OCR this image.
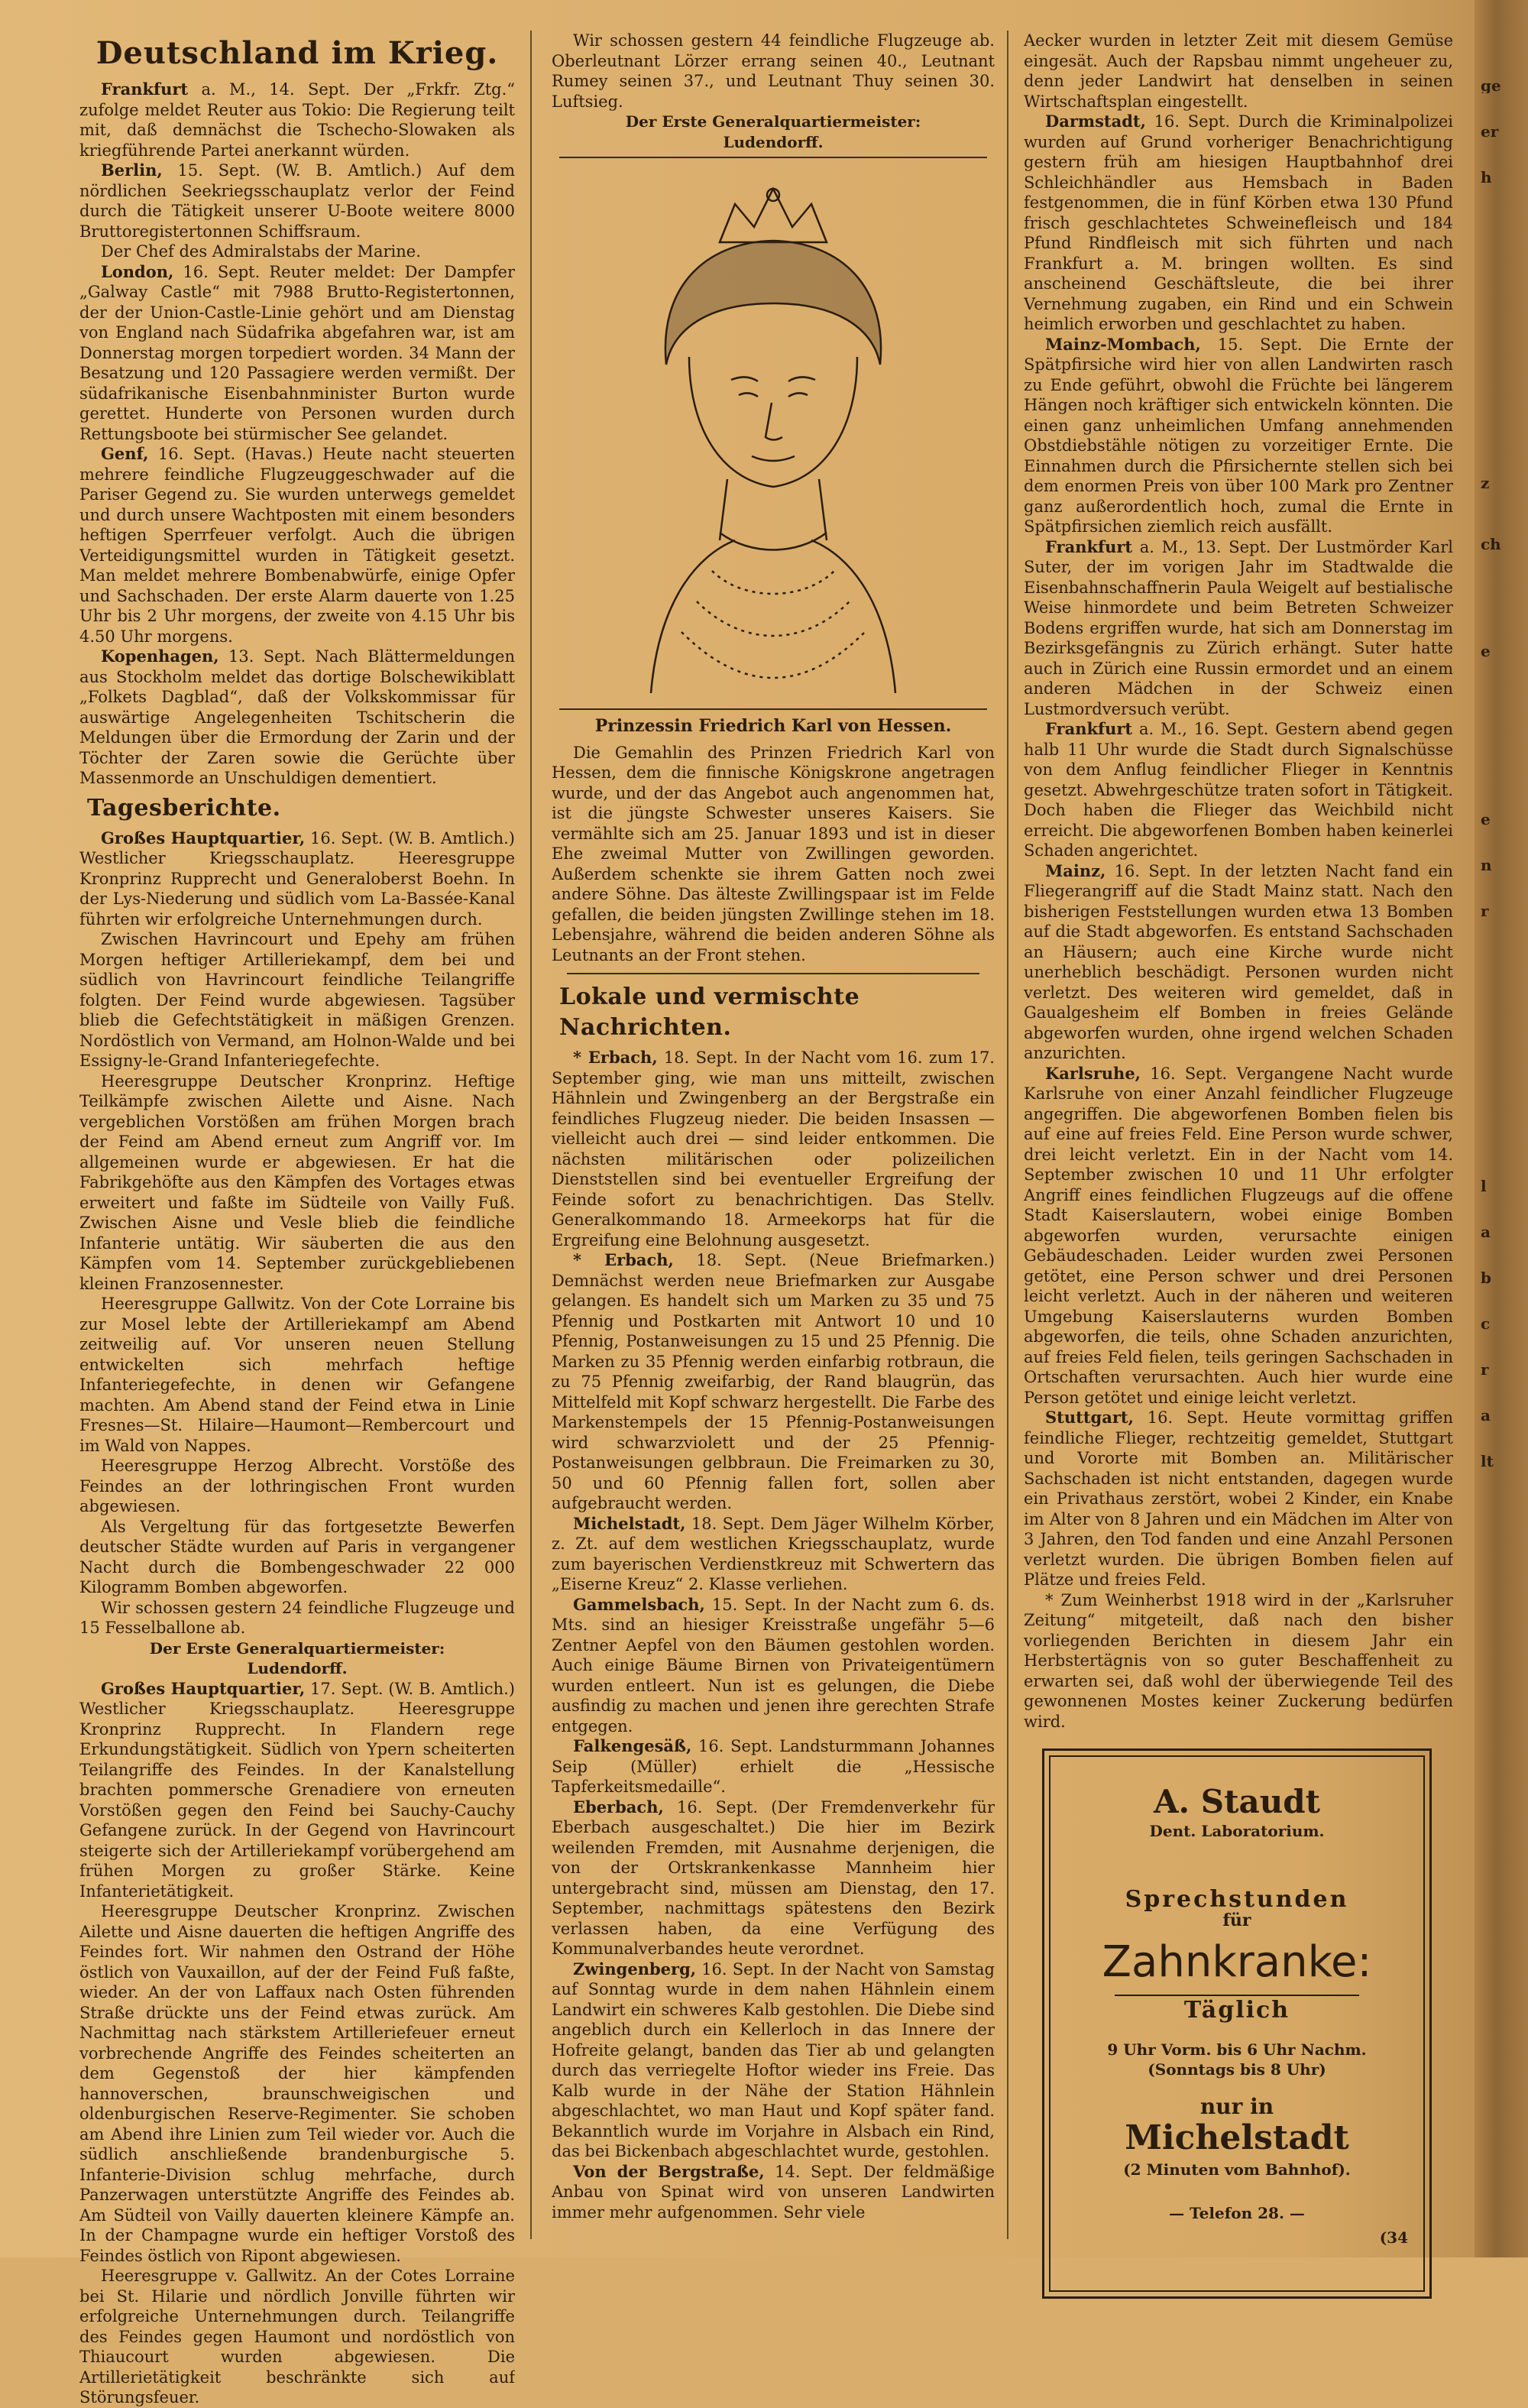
Deutschland im Krieg.

Frankfurt a. M., 14. Sept. Der „Frkfr. Ztg.“ zufolge meldet Reuter aus Tokio: Die Regierung teilt mit, daß demnächst die Tschecho-Slowaken als kriegführende Partei anerkannt würden.

Berlin, 15. Sept. (W. B. Amtlich.) Auf dem nördlichen Seekriegsschauplatz verlor der Feind durch die Tätigkeit unserer U-Boote weitere 8000 Bruttoregistertonnen Schiffsraum.

Der Chef des Admiralstabs der Marine.

London, 16. Sept. Reuter meldet: Der Dampfer „Galway Castle“ mit 7988 Brutto-Registertonnen, der der Union-Castle-Linie gehört und am Dienstag von England nach Südafrika abgefahren war, ist am Donnerstag morgen torpediert worden. 34 Mann der Besatzung und 120 Passagiere werden vermißt. Der südafrikanische Eisenbahnminister Burton wurde gerettet. Hunderte von Personen wurden durch Rettungsboote bei stürmischer See gelandet.

Genf, 16. Sept. (Havas.) Heute nacht steuerten mehrere feindliche Flugzeuggeschwader auf die Pariser Gegend zu. Sie wurden unterwegs gemeldet und durch unsere Wachtposten mit einem besonders heftigen Sperrfeuer verfolgt. Auch die übrigen Verteidigungsmittel wurden in Tätigkeit gesetzt. Man meldet mehrere Bombenabwürfe, einige Opfer und Sachschaden. Der erste Alarm dauerte von 1.25 Uhr bis 2 Uhr morgens, der zweite von 4.15 Uhr bis 4.50 Uhr morgens.

Kopenhagen, 13. Sept. Nach Blättermeldungen aus Stockholm meldet das dortige Bolschewikiblatt „Folkets Dagblad“, daß der Volkskommissar für auswärtige Angelegenheiten Tschitscherin die Meldungen über die Ermordung der Zarin und der Töchter der Zaren sowie die Gerüchte über Massenmorde an Unschuldigen dementiert.

Tagesberichte.

Großes Hauptquartier, 16. Sept. (W. B. Amtlich.) Westlicher Kriegsschauplatz. Heeresgruppe Kronprinz Rupprecht und Generaloberst Boehn. In der Lys-Niederung und südlich vom La-Bassée-Kanal führten wir erfolgreiche Unternehmungen durch.

Zwischen Havrincourt und Epehy am frühen Morgen heftiger Artilleriekampf, dem bei und südlich von Havrincourt feindliche Teilangriffe folgten. Der Feind wurde abgewiesen. Tagsüber blieb die Gefechtstätigkeit in mäßigen Grenzen. Nordöstlich von Vermand, am Holnon-Walde und bei Essigny-le-Grand Infanteriegefechte.

Heeresgruppe Deutscher Kronprinz. Heftige Teilkämpfe zwischen Ailette und Aisne. Nach vergeblichen Vorstößen am frühen Morgen brach der Feind am Abend erneut zum Angriff vor. Im allgemeinen wurde er abgewiesen. Er hat die Fabrikgehöfte aus den Kämpfen des Vortages etwas erweitert und faßte im Südteile von Vailly Fuß. Zwischen Aisne und Vesle blieb die feindliche Infanterie untätig. Wir säuberten die aus den Kämpfen vom 14. September zurückgebliebenen kleinen Franzosennester.

Heeresgruppe Gallwitz. Von der Cote Lorraine bis zur Mosel lebte der Artilleriekampf am Abend zeitweilig auf. Vor unseren neuen Stellung entwickelten sich mehrfach heftige Infanteriegefechte, in denen wir Gefangene machten. Am Abend stand der Feind etwa in Linie Fresnes—St. Hilaire—Haumont—Rembercourt und im Wald von Nappes.

Heeresgruppe Herzog Albrecht. Vorstöße des Feindes an der lothringischen Front wurden abgewiesen.

Als Vergeltung für das fortgesetzte Bewerfen deutscher Städte wurden auf Paris in vergangener Nacht durch die Bombengeschwader 22 000 Kilogramm Bomben abgeworfen.

Wir schossen gestern 24 feindliche Flugzeuge und 15 Fesselballone ab.

Der Erste Generalquartiermeister:

Ludendorff.

Großes Hauptquartier, 17. Sept. (W. B. Amtlich.) Westlicher Kriegsschauplatz. Heeresgruppe Kronprinz Rupprecht. In Flandern rege Erkundungstätigkeit. Südlich von Ypern scheiterten Teilangriffe des Feindes. In der Kanalstellung brachten pommersche Grenadiere von erneuten Vorstößen gegen den Feind bei Sauchy-Cauchy Gefangene zurück. In der Gegend von Havrincourt steigerte sich der Artilleriekampf vorübergehend am frühen Morgen zu großer Stärke. Keine Infanterietätigkeit.

Heeresgruppe Deutscher Kronprinz. Zwischen Ailette und Aisne dauerten die heftigen Angriffe des Feindes fort. Wir nahmen den Ostrand der Höhe östlich von Vauxaillon, auf der der Feind Fuß faßte, wieder. An der von Laffaux nach Osten führenden Straße drückte uns der Feind etwas zurück. Am Nachmittag nach stärkstem Artilleriefeuer erneut vorbrechende Angriffe des Feindes scheiterten an dem Gegenstoß der hier kämpfenden hannoverschen, braunschweigischen und oldenburgischen Reserve-Regimenter. Sie schoben am Abend ihre Linien zum Teil wieder vor. Auch die südlich anschließende brandenburgische 5. Infanterie-Division schlug mehrfache, durch Panzerwagen unterstützte Angriffe des Feindes ab. Am Südteil von Vailly dauerten kleinere Kämpfe an. In der Champagne wurde ein heftiger Vorstoß des Feindes östlich von Ripont abgewiesen.

Heeresgruppe v. Gallwitz. An der Cotes Lorraine bei St. Hilarie und nördlich Jonville führten wir erfolgreiche Unternehmungen durch. Teilangriffe des Feindes gegen Haumont und nordöstlich von Thiaucourt wurden abgewiesen. Die Artillerietätigkeit beschränkte sich auf Störungsfeuer.

Wir schossen gestern 44 feindliche Flugzeuge ab. Oberleutnant Lörzer errang seinen 40., Leutnant Rumey seinen 37., und Leutnant Thuy seinen 30. Luftsieg.

Der Erste Generalquartiermeister:

Ludendorff.

Prinzessin Friedrich Karl von Hessen.

Die Gemahlin des Prinzen Friedrich Karl von Hessen, dem die finnische Königskrone angetragen wurde, und der das Angebot auch angenommen hat, ist die jüngste Schwester unseres Kaisers. Sie vermählte sich am 25. Januar 1893 und ist in dieser Ehe zweimal Mutter von Zwillingen geworden. Außerdem schenkte sie ihrem Gatten noch zwei andere Söhne. Das älteste Zwillingspaar ist im Felde gefallen, die beiden jüngsten Zwillinge stehen im 18. Lebensjahre, während die beiden anderen Söhne als Leutnants an der Front stehen.

Lokale und vermischte Nachrichten.

* Erbach, 18. Sept. In der Nacht vom 16. zum 17. September ging, wie man uns mitteilt, zwischen Hähnlein und Zwingenberg an der Bergstraße ein feindliches Flugzeug nieder. Die beiden Insassen — vielleicht auch drei — sind leider entkommen. Die nächsten militärischen oder polizeilichen Dienststellen sind bei eventueller Ergreifung der Feinde sofort zu benachrichtigen. Das Stellv. Generalkommando 18. Armeekorps hat für die Ergreifung eine Belohnung ausgesetzt.

* Erbach, 18. Sept. (Neue Briefmarken.) Demnächst werden neue Briefmarken zur Ausgabe gelangen. Es handelt sich um Marken zu 35 und 75 Pfennig und Postkarten mit Antwort 10 und 10 Pfennig, Postanweisungen zu 15 und 25 Pfennig. Die Marken zu 35 Pfennig werden einfarbig rotbraun, die zu 75 Pfennig zweifarbig, der Rand blaugrün, das Mittelfeld mit Kopf schwarz hergestellt. Die Farbe des Markenstempels der 15 Pfennig-Postanweisungen wird schwarzviolett und der 25 Pfennig-Postanweisungen gelbbraun. Die Freimarken zu 30, 50 und 60 Pfennig fallen fort, sollen aber aufgebraucht werden.

Michelstadt, 18. Sept. Dem Jäger Wilhelm Körber, z. Zt. auf dem westlichen Kriegsschauplatz, wurde zum bayerischen Verdienstkreuz mit Schwertern das „Eiserne Kreuz“ 2. Klasse verliehen.

Gammelsbach, 15. Sept. In der Nacht zum 6. ds. Mts. sind an hiesiger Kreisstraße ungefähr 5—6 Zentner Aepfel von den Bäumen gestohlen worden. Auch einige Bäume Birnen von Privateigentümern wurden entleert. Nun ist es gelungen, die Diebe ausfindig zu machen und jenen ihre gerechten Strafe entgegen.

Falkengesäß, 16. Sept. Landsturmmann Johannes Seip (Müller) erhielt die „Hessische Tapferkeitsmedaille“.

Eberbach, 16. Sept. (Der Fremdenverkehr für Eberbach ausgeschaltet.) Die hier im Bezirk weilenden Fremden, mit Ausnahme derjenigen, die von der Ortskrankenkasse Mannheim hier untergebracht sind, müssen am Dienstag, den 17. September, nachmittags spätestens den Bezirk verlassen haben, da eine Verfügung des Kommunalverbandes heute verordnet.

Zwingenberg, 16. Sept. In der Nacht von Samstag auf Sonntag wurde in dem nahen Hähnlein einem Landwirt ein schweres Kalb gestohlen. Die Diebe sind angeblich durch ein Kellerloch in das Innere der Hofreite gelangt, banden das Tier ab und gelangten durch das verriegelte Hoftor wieder ins Freie. Das Kalb wurde in der Nähe der Station Hähnlein abgeschlachtet, wo man Haut und Kopf später fand. Bekanntlich wurde im Vorjahre in Alsbach ein Rind, das bei Bickenbach abgeschlachtet wurde, gestohlen.

Von der Bergstraße, 14. Sept. Der feldmäßige Anbau von Spinat wird von unseren Landwirten immer mehr aufgenommen. Sehr viele

Aecker wurden in letzter Zeit mit diesem Gemüse eingesät. Auch der Rapsbau nimmt ungeheuer zu, denn jeder Landwirt hat denselben in seinen Wirtschaftsplan eingestellt.

Darmstadt, 16. Sept. Durch die Kriminalpolizei wurden auf Grund vorheriger Benachrichtigung gestern früh am hiesigen Hauptbahnhof drei Schleichhändler aus Hemsbach in Baden festgenommen, die in fünf Körben etwa 130 Pfund frisch geschlachtetes Schweinefleisch und 184 Pfund Rindfleisch mit sich führten und nach Frankfurt a. M. bringen wollten. Es sind anscheinend Geschäftsleute, die bei ihrer Vernehmung zugaben, ein Rind und ein Schwein heimlich erworben und geschlachtet zu haben.

Mainz-Mombach, 15. Sept. Die Ernte der Spätpfirsiche wird hier von allen Landwirten rasch zu Ende geführt, obwohl die Früchte bei längerem Hängen noch kräftiger sich entwickeln könnten. Die einen ganz unheimlichen Umfang annehmenden Obstdiebstähle nötigen zu vorzeitiger Ernte. Die Einnahmen durch die Pfirsichernte stellen sich bei dem enormen Preis von über 100 Mark pro Zentner ganz außerordentlich hoch, zumal die Ernte in Spätpfirsichen ziemlich reich ausfällt.

Frankfurt a. M., 13. Sept. Der Lustmörder Karl Suter, der im vorigen Jahr im Stadtwalde die Eisenbahnschaffnerin Paula Weigelt auf bestialische Weise hinmordete und beim Betreten Schweizer Bodens ergriffen wurde, hat sich am Donnerstag im Bezirksgefängnis zu Zürich erhängt. Suter hatte auch in Zürich eine Russin ermordet und an einem anderen Mädchen in der Schweiz einen Lustmordversuch verübt.

Frankfurt a. M., 16. Sept. Gestern abend gegen halb 11 Uhr wurde die Stadt durch Signalschüsse von dem Anflug feindlicher Flieger in Kenntnis gesetzt. Abwehrgeschütze traten sofort in Tätigkeit. Doch haben die Flieger das Weichbild nicht erreicht. Die abgeworfenen Bomben haben keinerlei Schaden angerichtet.

Mainz, 16. Sept. In der letzten Nacht fand ein Fliegerangriff auf die Stadt Mainz statt. Nach den bisherigen Feststellungen wurden etwa 13 Bomben auf die Stadt abgeworfen. Es entstand Sachschaden an Häusern; auch eine Kirche wurde nicht unerheblich beschädigt. Personen wurden nicht verletzt. Des weiteren wird gemeldet, daß in Gaualgesheim elf Bomben in freies Gelände abgeworfen wurden, ohne irgend welchen Schaden anzurichten.

Karlsruhe, 16. Sept. Vergangene Nacht wurde Karlsruhe von einer Anzahl feindlicher Flugzeuge angegriffen. Die abgeworfenen Bomben fielen bis auf eine auf freies Feld. Eine Person wurde schwer, drei leicht verletzt. Ein in der Nacht vom 14. September zwischen 10 und 11 Uhr erfolgter Angriff eines feindlichen Flugzeugs auf die offene Stadt Kaiserslautern, wobei einige Bomben abgeworfen wurden, verursachte einigen Gebäudeschaden. Leider wurden zwei Personen getötet, eine Person schwer und drei Personen leicht verletzt. Auch in der näheren und weiteren Umgebung Kaiserslauterns wurden Bomben abgeworfen, die teils, ohne Schaden anzurichten, auf freies Feld fielen, teils geringen Sachschaden in Ortschaften verursachten. Auch hier wurde eine Person getötet und einige leicht verletzt.

Stuttgart, 16. Sept. Heute vormittag griffen feindliche Flieger, rechtzeitig gemeldet, Stuttgart und Vororte mit Bomben an. Militärischer Sachschaden ist nicht entstanden, dagegen wurde ein Privathaus zerstört, wobei 2 Kinder, ein Knabe im Alter von 8 Jahren und ein Mädchen im Alter von 3 Jahren, den Tod fanden und eine Anzahl Personen verletzt wurden. Die übrigen Bomben fielen auf Plätze und freies Feld.

* Zum Weinherbst 1918 wird in der „Karlsruher Zeitung“ mitgeteilt, daß nach den bisher vorliegenden Berichten in diesem Jahr ein Herbstertägnis von so guter Beschaffenheit zu erwarten sei, daß wohl der überwiegende Teil des gewonnenen Mostes keiner Zuckerung bedürfen wird.

A. Staudt
Dent. Laboratorium.
Sprechstunden
für
Zahnkranke:
Täglich
9 Uhr Vorm. bis 6 Uhr Nachm.
(Sonntags bis 8 Uhr)
nur in
Michelstadt
(2 Minuten vom Bahnhof).
— Telefon 28. —
(34
ge
er
h
z
ch
e
e
n
r
l
a
b
c
r
a
lt
